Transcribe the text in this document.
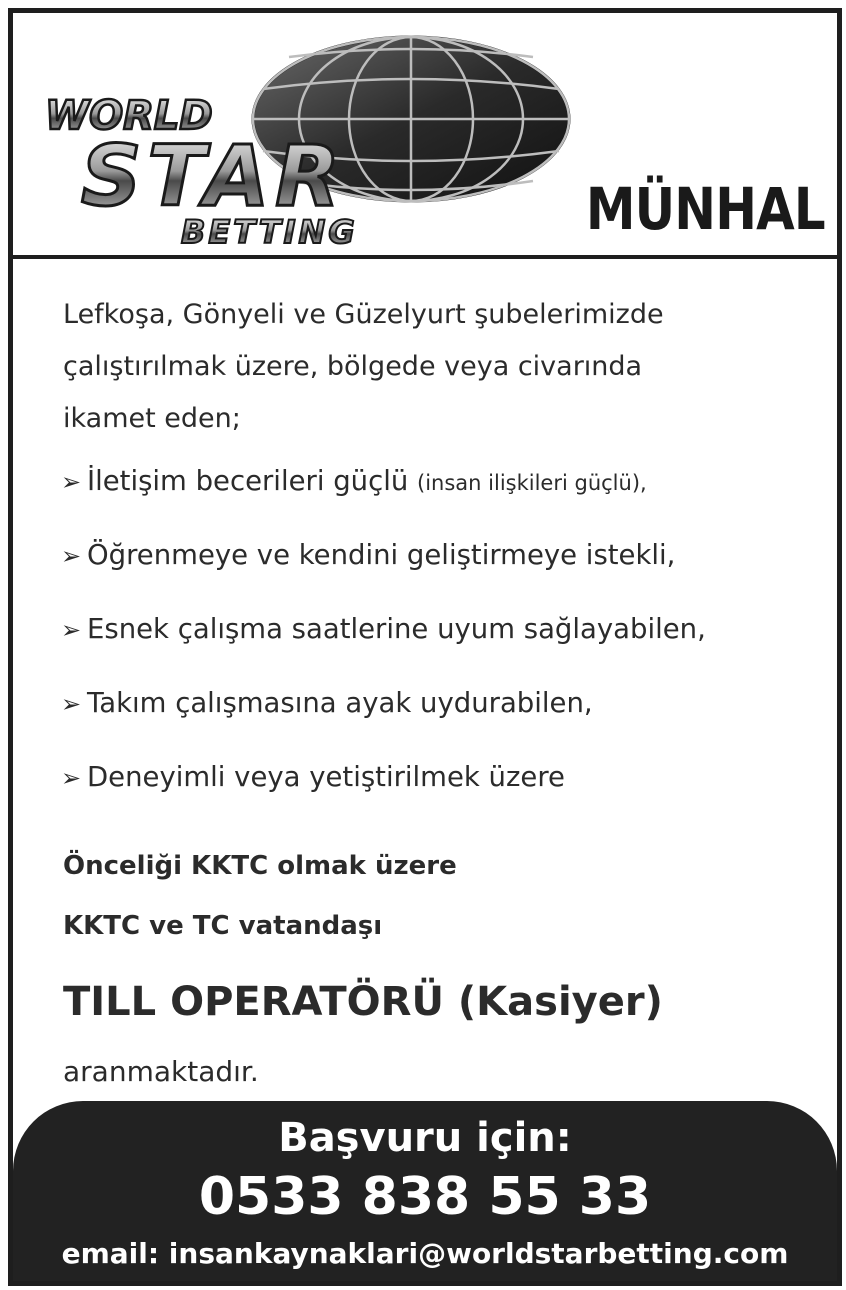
WORLD
STAR
BETTING	MÜNHAL
Lefkoşa, Gönyeli ve Güzelyurt şubelerimizde
çalıştırılmak üzere, bölgede veya civarında
ikamet eden;
➢ İletişim becerileri güçlü (insan ilişkileri güçlü),
➢ Öğrenmeye ve kendini geliştirmeye istekli,
➢ Esnek çalışma saatlerine uyum sağlayabilen,
➢ Takım çalışmasına ayak uydurabilen,
➢ Deneyimli veya yetiştirilmek üzere
Önceliği KKTC olmak üzere
KKTC ve TC vatandaşı
TILL OPERATÖRÜ (Kasiyer)
aranmaktadır.
Başvuru için:
0533 838 55 33
email: insankaynaklari@worldstarbetting.com
